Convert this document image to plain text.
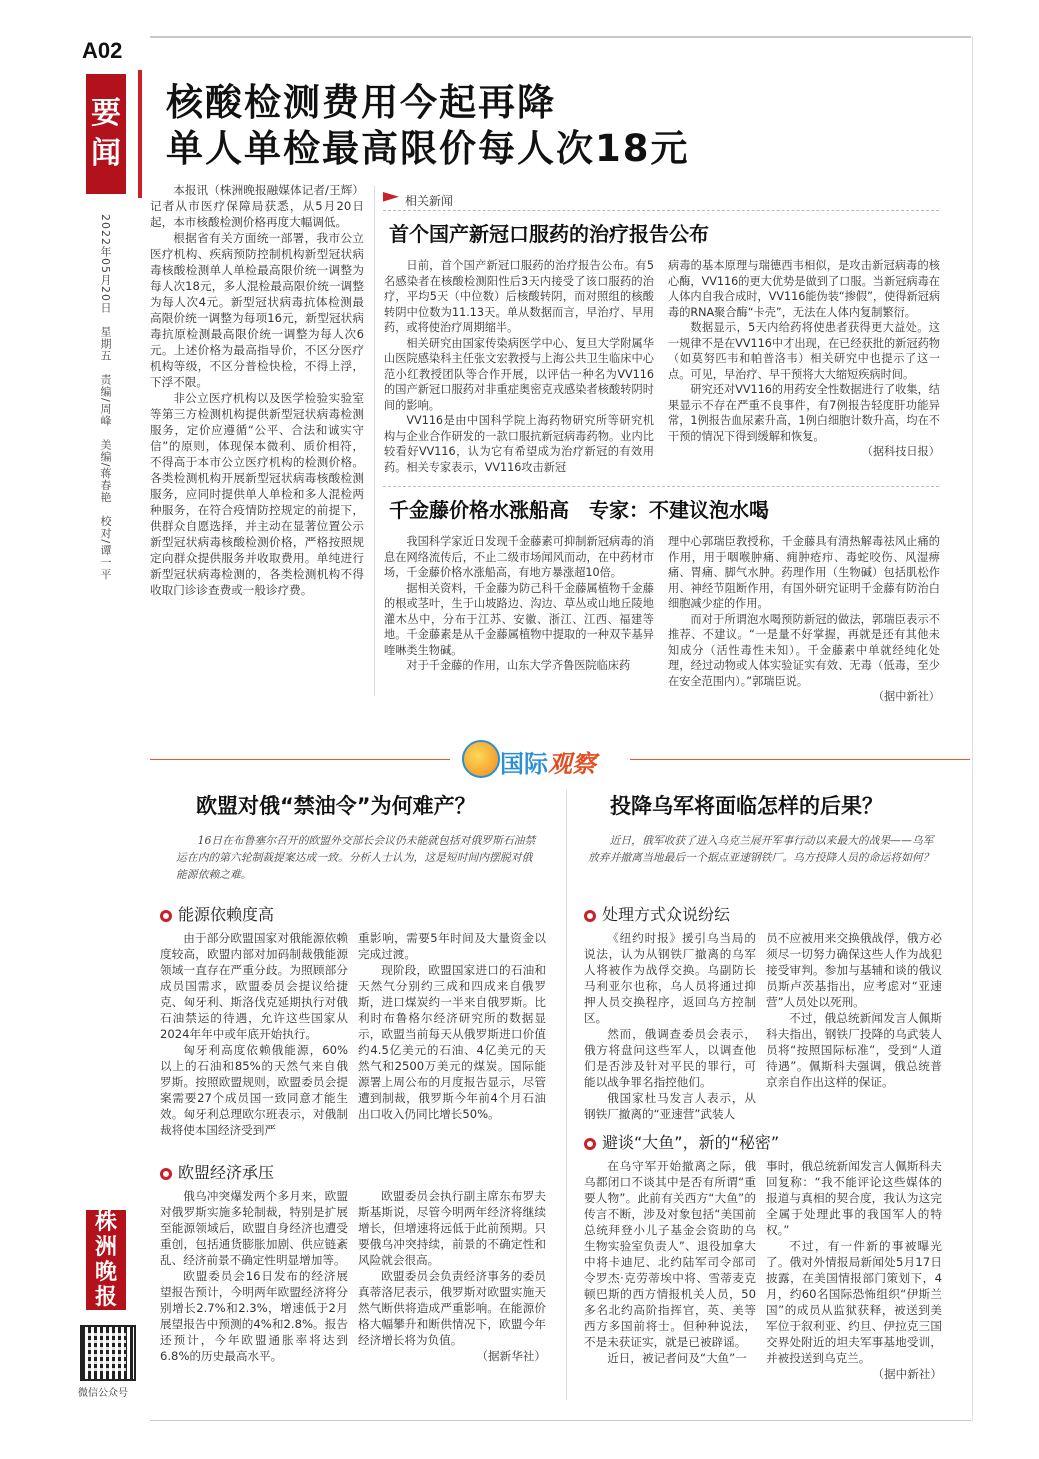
A02
要闻
核酸检测费用今起再降
单人单检最高限价每人次18元
2022年05月20日　星期五　责编/周峰　美编/蒋春艳　校对/谭一平

本报讯（株洲晚报融媒体记者/王辉）记者从市医疗保障局获悉，从5月20日起，本市核酸检测价格再度大幅调低。

根据省有关方面统一部署，我市公立医疗机构、疾病预防控制机构新型冠状病毒核酸检测单人单检最高限价统一调整为每人次18元，多人混检最高限价统一调整为每人次4元。新型冠状病毒抗体检测最高限价统一调整为每项16元，新型冠状病毒抗原检测最高限价统一调整为每人次6元。上述价格为最高指导价，不区分医疗机构等级，不区分普检快检，不得上浮，下浮不限。

非公立医疗机构以及医学检验实验室等第三方检测机构提供新型冠状病毒检测服务，定价应遵循“公平、合法和诚实守信”的原则，体现保本微利、质价相符，不得高于本市公立医疗机构的检测价格。各类检测机构开展新型冠状病毒核酸检测服务，应同时提供单人单检和多人混检两种服务，在符合疫情防控规定的前提下，供群众自愿选择，并主动在显著位置公示新型冠状病毒核酸检测价格，严格按照规定向群众提供服务并收取费用。单纯进行新型冠状病毒检测的，各类检测机构不得收取门诊诊查费或一般诊疗费。

相关新闻
首个国产新冠口服药的治疗报告公布

日前，首个国产新冠口服药的治疗报告公布。有5名感染者在核酸检测阳性后3天内接受了该口服药的治疗，平均5天（中位数）后核酸转阴，而对照组的核酸转阴中位数为11.13天。单从数据而言，早治疗、早用药，或将使治疗周期缩半。

相关研究由国家传染病医学中心、复旦大学附属华山医院感染科主任张文宏教授与上海公共卫生临床中心范小红教授团队等合作开展，以评估一种名为VV116的国产新冠口服药对非重症奥密克戎感染者核酸转阴时间的影响。

VV116是由中国科学院上海药物研究所等研究机构与企业合作研发的一款口服抗新冠病毒药物。业内比较看好VV116，认为它有希望成为治疗新冠的有效用药。相关专家表示，VV116攻击新冠

病毒的基本原理与瑞德西韦相似，是攻击新冠病毒的核心酶，VV116的更大优势是做到了口服。当新冠病毒在人体内自我合成时，VV116能伪装“掺假”，使得新冠病毒的RNA聚合酶“卡壳”，无法在人体内复制繁衍。

数据显示，5天内给药将使患者获得更大益处。这一规律不是在VV116中才出现，在已经获批的新冠药物（如莫努匹韦和帕普洛韦）相关研究中也提示了这一点。可见，早治疗、早干预将大大缩短疾病时间。

研究还对VV116的用药安全性数据进行了收集，结果显示不存在严重不良事件，有7例报告轻度肝功能异常，1例报告血尿素升高，1例白细胞计数升高，均在不干预的情况下得到缓解和恢复。

（据科技日报）
千金藤价格水涨船高　专家：不建议泡水喝

我国科学家近日发现千金藤素可抑制新冠病毒的消息在网络流传后，不止二级市场闻风而动，在中药材市场，千金藤价格水涨船高，有地方暴涨超10倍。

据相关资料，千金藤为防己科千金藤属植物千金藤的根或茎叶，生于山坡路边、沟边、草丛或山地丘陵地灌木丛中，分布于江苏、安徽、浙江、江西、福建等地。千金藤素是从千金藤属植物中提取的一种双苄基异喹啉类生物碱。

对于千金藤的作用，山东大学齐鲁医院临床药

理中心郭瑞臣教授称，千金藤具有清热解毒祛风止痛的作用，用于咽喉肿痛、痈肿疮疖、毒蛇咬伤、风湿痹痛、胃痛、脚气水肿。药理作用（生物碱）包括肌松作用、神经节阻断作用，有国外研究证明千金藤有防治白细胞减少症的作用。

而对于所谓泡水喝预防新冠的做法，郭瑞臣表示不推荐、不建议。“一是量不好掌握，再就是还有其他未知成分（活性毒性未知）。千金藤素中单就经纯化处理，经过动物或人体实验证实有效、无毒（低毒，至少在安全范围内）。”郭瑞臣说。

（据中新社）
国际观察
欧盟对俄“禁油令”为何难产？

16日在布鲁塞尔召开的欧盟外交部长会议仍未能就包括对俄罗斯石油禁运在内的第六轮制裁提案达成一致。分析人士认为，这是短时间内摆脱对俄能源依赖之难。

能源依赖度高

由于部分欧盟国家对俄能源依赖度较高，欧盟内部对加码制裁俄能源领域一直存在严重分歧。为照顾部分成员国需求，欧盟委员会提议给捷克、匈牙利、斯洛伐克延期执行对俄石油禁运的待遇，允许这些国家从2024年年中或年底开始执行。

匈牙利高度依赖俄能源，60%以上的石油和85%的天然气来自俄罗斯。按照欧盟规则，欧盟委员会提案需要27个成员国一致同意才能生效。匈牙利总理欧尔班表示，对俄制裁将使本国经济受到严

重影响，需要5年时间及大量资金以完成过渡。

现阶段，欧盟国家进口的石油和天然气分别约三成和四成来自俄罗斯，进口煤炭约一半来自俄罗斯。比利时布鲁格尔经济研究所的数据显示，欧盟当前每天从俄罗斯进口价值约4.5亿美元的石油、4亿美元的天然气和2500万美元的煤炭。国际能源署上周公布的月度报告显示，尽管遭到制裁，俄罗斯今年前4个月石油出口收入仍同比增长50%。

欧盟经济承压

俄乌冲突爆发两个多月来，欧盟对俄罗斯实施多轮制裁，特别是扩展至能源领域后，欧盟自身经济也遭受重创，包括通货膨胀加剧、供应链紊乱、经济前景不确定性明显增加等。

欧盟委员会16日发布的经济展望报告预计，今明两年欧盟经济将分别增长2.7%和2.3%，增速低于2月展望报告中预测的4%和2.8%。报告还预计，今年欧盟通胀率将达到6.8%的历史最高水平。

欧盟委员会执行副主席东布罗夫斯基斯说，尽管今明两年经济将继续增长，但增速将远低于此前预期。只要俄乌冲突持续，前景的不确定性和风险就会很高。

欧盟委员会负责经济事务的委员真蒂洛尼表示，俄罗斯对欧盟实施天然气断供将造成严重影响。在能源价格大幅攀升和断供情况下，欧盟今年经济增长将为负值。

（据新华社）
投降乌军将面临怎样的后果？

近日，俄军收获了进入乌克兰展开军事行动以来最大的战果——乌军放弃并撤离当地最后一个据点亚速钢铁厂。乌方投降人员的命运将如何？

处理方式众说纷纭

《纽约时报》援引乌当局的说法，认为从钢铁厂撤离的乌军人将被作为战俘交换。乌副防长马利亚尔也称，乌人员将通过抑押人员交换程序，返回乌方控制区。

然而，俄调查委员会表示，俄方将盘问这些军人，以调查他们是否涉及针对平民的罪行，可能以战争罪名指控他们。

俄国家杜马发言人表示，从钢铁厂撤离的“亚速营”武装人

员不应被用来交换俄战俘，俄方必须尽一切努力确保这些人作为战犯接受审判。参加与基辅和谈的俄议员斯卢茨基指出，应考虑对“亚速营”人员处以死刑。

不过，俄总统新闻发言人佩斯科夫指出，钢铁厂投降的乌武装人员将“按照国际标准”，受到“人道待遇”。佩斯科夫强调，俄总统普京亲自作出这样的保证。

避谈“大鱼”，新的“秘密”

在乌守军开始撤离之际，俄乌都闭口不谈其中是否有所谓“重要人物”。此前有关西方“大鱼”的传言不断，涉及对象包括“美国前总统拜登小儿子基金会资助的乌生物实验室负责人”、退役加拿大中将卡迪尼、北约陆军司令部司令罗杰·克劳蒂埃中将、雪蒂麦克顿巴斯的西方情报机关人员，50多名北约高阶指挥官，英、美等西方多国前将士。但种种说法，不是未获证实，就是已被辟谣。

近日，被记者问及“大鱼”一

事时，俄总统新闻发言人佩斯科夫回复称：“我不能评论这些媒体的报道与真相的契合度，我认为这完全属于处理此事的我国军人的特权。”

不过，有一件新的事被曝光了。俄对外情报局新闻处5月17日披露，在美国情报部门策划下，4月，约60名国际恐怖组织“伊斯兰国”的成员从监狱获释，被送到美军位于叙利亚、约旦、伊拉克三国交界处附近的坦夫军事基地受训，并被投送到乌克兰。

（据中新社）
株洲晚报
微信公众号
